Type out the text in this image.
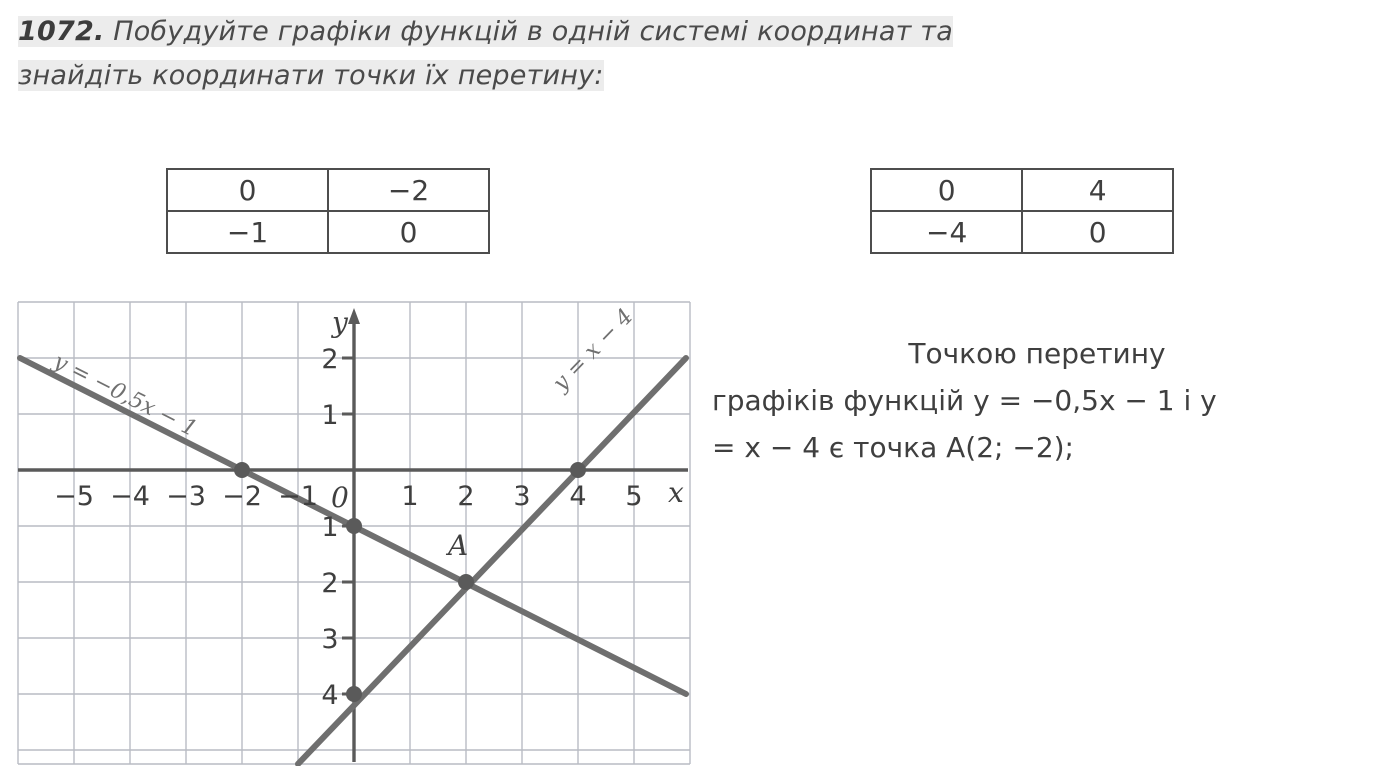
1072. Побудуйте графіки функцій в одній системі координат та
знайдіть координати точки їх перетину:
0	−2
−1	0
0	4
−4	0
−5 −4 −3 −2 −1	1 2 3 4 5
0
2
1
1
2
3
4
x
y
A
y = −0,5x − 1	y = x − 4	Точкою перетину
графіків функцій y = −0,5x − 1 і y
= x − 4 є точка A(2; −2);
